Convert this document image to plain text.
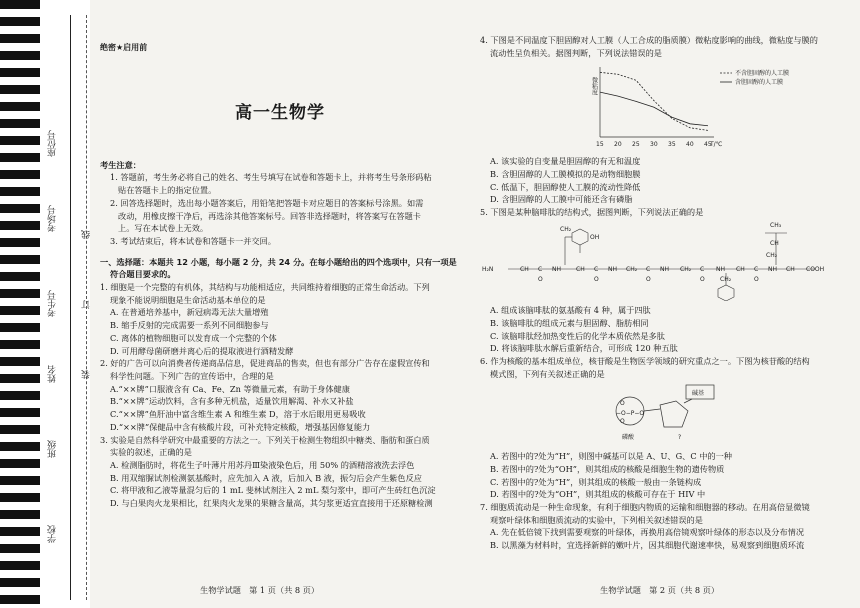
座位号
考场号
考生号
姓名
班级
学校
线
订
装

绝密★启用前

高一生物学

考生注意：

1. 答题前，考生务必将自己的姓名、考生号填写在试卷和答题卡上，并将考生号条形码粘

贴在答题卡上的指定位置。

2. 回答选择题时，选出每小题答案后，用铅笔把答题卡对应题目的答案标号涂黑。如需

改动，用橡皮擦干净后，再选涂其他答案标号。回答非选择题时，将答案写在答题卡

上。写在本试卷上无效。

3. 考试结束后，将本试卷和答题卡一并交回。

一、选择题：本题共 12 小题，每小题 2 分，共 24 分。在每小题给出的四个选项中，只有一项是

符合题目要求的。

1. 细胞是一个完整的有机体，其结构与功能相适应，共同维持着细胞的正常生命活动。下列

现象不能说明细胞是生命活动基本单位的是

A. 在普通培养基中，新冠病毒无法大量增殖

B. 缩手反射的完成需要一系列不同细胞参与

C. 离体的植物细胞可以发育成一个完整的个体

D. 可用酵母菌研磨并离心后的提取液进行酒精发酵

2. 好的广告可以向消费者传递商品信息，促进商品的售卖，但也有部分广告存在虚假宣传和

科学性问题。下列广告的宣传语中，合理的是

A.“××牌”口服液含有 Ca、Fe、Zn 等微量元素，有助于身体健康

B.“××牌”运动饮料，含有多种无机盐，适量饮用解渴、补水又补盐

C.“××牌”鱼肝油中富含维生素 A 和维生素 D，溶于水后眼用更易吸收

D.“××牌”保健品中含有核酸片段，可补充特定核酸，增强基因修复能力

3. 实验是自然科学研究中最重要的方法之一。下列关于检测生物组织中糖类、脂肪和蛋白质

实验的叙述，正确的是

A. 检测脂肪时，将花生子叶薄片用苏丹Ⅲ染液染色后，用 50% 的酒精溶液洗去浮色

B. 用双缩脲试剂检测氨基酸时，应先加入 A 液，后加入 B 液，振匀后会产生紫色反应

C. 将甲液和乙液等量混匀后的 1 mL 斐林试剂注入 2 mL 梨匀浆中，即可产生砖红色沉淀

D. 与白果肉火龙果相比，红果肉火龙果的果糖含量高，其匀浆更适宜直接用于还原糖检测

生物学试题　第 1 页（共 8 页）

4. 下图是不同温度下胆固醇对人工膜（人工合成的脂质膜）微粘度影响的曲线，微粘度与膜的

流动性呈负相关。据图判断，下列说法错误的是

微粘度
15 20 25 30 35 40 45
T/℃
不含胆固醇的人工膜
含胆固醇的人工膜

A. 该实验的自变量是胆固醇的有无和温度

B. 含胆固醇的人工膜模拟的是动物细胞膜

C. 低温下，胆固醇使人工膜的流动性降低

D. 含胆固醇的人工膜中可能还含有磷脂

5. 下图是某种脑啡肽的结构式，据图判断，下列说法正确的是

H₂N	CH C
O
NH	CH C
O
NH CH₂ C
O
NH CH₂ C
O
NH CH C
O
NH CH COOH
OH
CH₂
CH₃
CH
CH₂
CH₂

A. 组成该脑啡肽的氨基酸有 4 种，属于四肽

B. 该脑啡肽的组成元素与胆固醇、脂肪相同

C. 该脑啡肽经加热变性后的化学本质依然是多肽

D. 将该脑啡肽水解后重新结合，可形成 120 种五肽

6. 作为核酸的基本组成单位，核苷酸是生物医学领域的研究重点之一。下图为核苷酸的结构

模式图，下列有关叙述正确的是

O
−O−P−O
O
磷酸
碱基
?

A. 若图中的?处为“H”，则图中碱基可以是 A、U、G、C 中的一种

B. 若图中的?处为“OH”，则其组成的核酸是细胞生物的遗传物质

C. 若图中的?处为“H”，则其组成的核酸一般由一条链构成

D. 若图中的?处为“OH”，则其组成的核酸可存在于 HIV 中

7. 细胞质流动是一种生命现象，有利于细胞内物质的运输和细胞器的移动。在用高倍显微镜

观察叶绿体和细胞质流动的实验中，下列相关叙述错误的是

A. 先在低倍镜下找到需要观察的叶绿体，再换用高倍镜观察叶绿体的形态以及分布情况

B. 以黑藻为材料时，宜选择新鲜的嫩叶片，因其细胞代谢速率快，易观察到细胞质环流

生物学试题　第 2 页（共 8 页）
